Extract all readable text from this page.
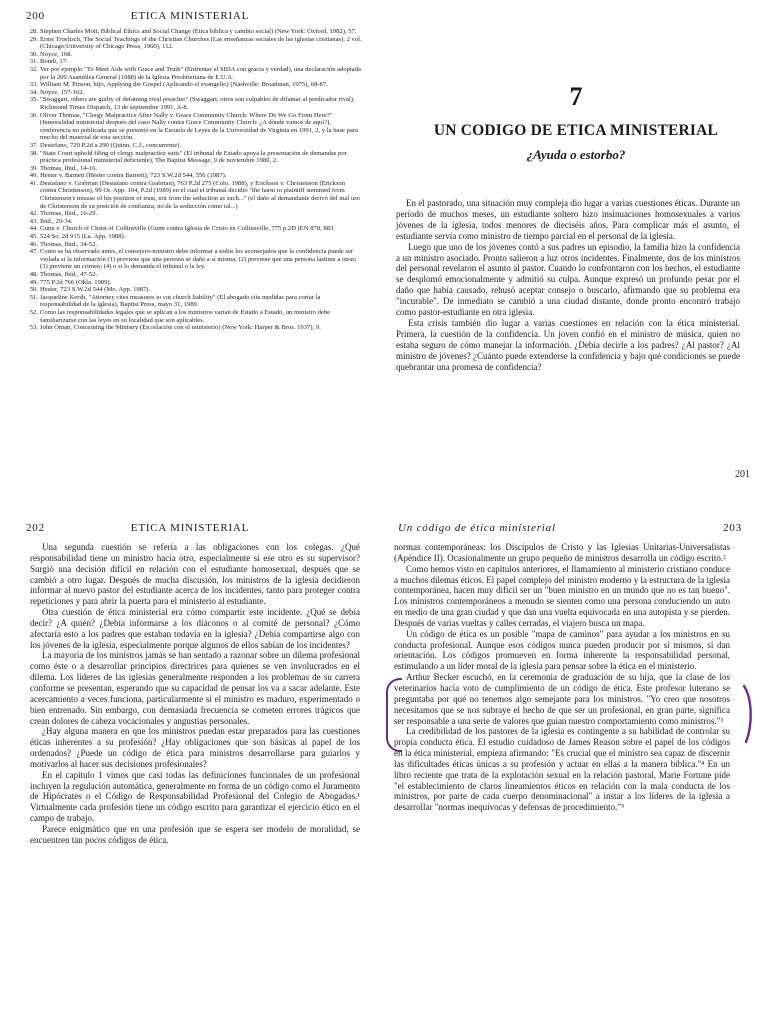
200	ETICA MINISTERIAL
28. Stephen Charles Mott, Biblical Ethics and Social Change (Ética bíblica y cambio social) (New York: Oxford, 1982), 57.
29. Ernst Troeltsch, The Social Teachings of the Christian Churches (Las enseñanzas sociales de las iglesias cristianas), 2 vol. (Chicago:University of Chicago Press, 1960), 112.
30. Noyce, 168.
31. Bondi, 17.
32. Ver por ejemplo "To Meet Aids with Grace and Truth" (Enfrentar el SIDA con gracia y verdad), una declaración adoptada por la 200 Asamblea General (1988) de la Iglesia Presbiteriana de E.U.A.
33. William M. Pinson, hijo, Applying the Gospel (Aplicando el evangelio) (Nashville: Broadman, 1975), 68-87.
34. Noyce, 157-162.
35. "Swaggart, others are guilty of defaming rival preacher" (Swaggart, otros son culpables de difamar al predicador rival), Richmond Times Dispatch, 13 de septiembre 1991, A-8.
36. Oliver Thomas, "Clergy Malpractice After Nally v. Grace Community Church: Where Do We Go From Here?" (Inmoralidad ministerial después del caso Nally contra Grace Community Church: ¿A dónde vamos de aquí?), conferencia no publicada que se presentó en la Escuela de Leyes de la Universidad de Virginia en 1991, 2, y la base para mucho del material de esta sección.
37. Destefano, 729 P.2d a 290 (Quinn, C.J., concurrente).
38. "State Court uphold filing of clergy malpractice suits" (El tribunal de Estado apoya la presentación de demandas por práctica profesional ministerial deficiente), The Baptist Message, 9 de noviembre 1980, 2.
39. Thomas, Ibid., 14-16.
40. Hester v. Barnett (Hester contra Barnett), 723 S.W.2d 544, 556 (1987).
41. Destafano v. Grabrian (Destafano contra Grabrian), 763 P.2d 275 (Colo. 1988), y Erickson v. Christenson (Erickson contra Christenson), 99 Or. App. 104, P.2d (1989) en el cual el tribunal decidió "the harm to plaintiff stemmed from Christenson's misuse of his position of trust, not from the seduction as such..." (el daño al demandante derivó del mal uso de Christenson de su posición de confianza, no de la seducción como tal...)
42. Thomas, Ibid., 16-29.
43. Ibid., 29-34.
44. Gunn v. Church of Christ of Collinsville (Gunn contra Iglesia de Cristo en Collinsville, 775 p.2D (EN 878, 883.
45. 524 So. 2d 915 (La. App. 1988).
46. Thomas, Ibid., 34-52.
47. Como se ha observado antes, el consejero-ministro debe informar a todos los aconsejados que la confidencia puede ser violada si la información (1) previene que una persona se dañe a sí misma; (2) previene que una persona lastime a otras; (3) previene un crimen; (4) o si lo demanda el tribunal o la ley.
48. Thomas, Ibid., 47-52.
49. 775 P.2d 766 (Okla. 1989).
50. Hester, 723 S.W.2d 544 (Mo. App. 1987).
51. Jacqueline Kersh, "Attorney cites measures to cut church liability" (El abogado cita medidas para cortar la responsabilidad de la iglesia), Baptist Press, mayo 31, 1989.
52. Como las responsabilidades legales que se aplican a los ministros varían de Estado a Estado, un ministro debe familiarizarse con las leyes en su localidad que son aplicables.
53. John Oman, Concerning the Ministry (En relación con el ministerio) (New York: Harper & Bros. 1937), 9.
7
UN CODIGO DE ETICA MINISTERIAL
¿Ayuda o estorbo?

En el pastorado, una situación muy compleja dio lugar a varias cuestiones éticas. Durante un período de muchos meses, un estudiante soltero hizo insinuaciones homosexuales a varios jóvenes de la iglesia, todos menores de dieciséis años. Para complicar más el asunto, el estudiante servía como ministro de tiempo parcial en el personal de la iglesia.

Luego que uno de los jóvenes contó a sus padres un episodio, la familia hizo la confidencia a un ministro asociado. Pronto salieron a luz otros incidentes. Finalmente, dos de los ministros del personal revelaron el asunto al pastor. Cuando lo confrontaron con los hechos, el estudiante se desplomó emocionalmente y admitió su culpa. Aunque expresó un profundo pesar por el daño que había causado, rehusó aceptar consejo o buscarlo, afirmando que su problema era "incurable". De inmediato se cambió a una ciudad distante, donde pronto encontró trabajo como pastor-estudiante en otra iglesia.

Esta crisis también dio lugar a varias cuestiones en relación con la ética ministerial. Primera, la cuestión de la confidencia. Un joven confió en el ministro de música, quien no estaba seguro de cómo manejar la información. ¿Debía decirle a los padres? ¿Al pastor? ¿Al ministro de jóvenes? ¿Cuánto puede extenderse la confidencia y bajo qué condiciones se puede quebrantar una promesa de confidencia?

201
202	ETICA MINISTERIAL

Una segunda cuestión se refería a las obligaciones con los colegas. ¿Qué responsabilidad tiene un ministro hacia otro, especialmente si ese otro es su supervisor? Surgió una decisión difícil en relación con el estudiante homosexual, después que se cambió a otro lugar. Después de mucha discusión, los ministros de la iglesia decidieron informar al nuevo pastor del estudiante acerca de los incidentes, tanto para proteger contra repeticiones y para abrir la puerta para el ministerio al estudiante.

Otra cuestión de ética ministerial era cómo compartir este incidente. ¿Qué se debía decir? ¿A quién? ¿Debía informarse a los diáconos o al comité de personal? ¿Cómo afectaría esto a los padres que estaban todavía en la iglesia? ¿Debía compartirse algo con los jóvenes de la iglesia, especialmente porque algunos de ellos sabían de los incidentes?

La mayoría de los ministros jamás se han sentado a razonar sobre un dilema profesional como éste o a desarrollar principios directrices para quienes se ven involucrados en el dilema. Los líderes de las iglesias generalmente responden a los problemas de su carrera conforme se presentan, esperando que su capacidad de pensar los va a sacar adelante. Este acercamiento a veces funciona, particularmente si el ministro es maduro, experimentado o bien entrenado. Sin embargo, con demasiada frecuencia se cometen errores trágicos que crean dolores de cabeza vocacionales y angustias personales.

¿Hay alguna manera en que los ministros puedan estar preparados para las cuestiones éticas inherentes a su profesión? ¿Hay obligaciones que son básicas al papel de los ordenados? ¿Puede un código de ética para ministros desarrollarse para guiarlos y motivarlos al hacer sus decisiones profesionales?

En el capítulo 1 vimos que casi todas las definiciones funcionales de un profesional incluyen la regulación automática, generalmente en forma de un código como el Juramento de Hipócrates o el Código de Responsabilidad Profesional del Colegio de Abogados.¹ Virtualmente cada profesión tiene un código escrito para garantizar el ejercicio ético en el campo de trabajo.

Parece enigmático que en una profesión que se espera ser modelo de moralidad, se encuentren tan pocos códigos de ética.

Un código de ética ministerial	203

normas contemporáneas: los Discípulos de Cristo y las Iglesias Unitarias-Universalistas (Apéndice II). Ocasionalmente un grupo pequeño de ministros desarrolla un código escrito.²

Como hemos visto en capítulos anteriores, el llamamiento al ministerio cristiano conduce a muchos dilemas éticos. El papel complejo del ministro moderno y la estructura de la iglesia contemporánea, hacen muy difícil ser un "buen ministro en un mundo que no es tan bueno". Los ministros contemporáneos a menudo se sienten como una persona conduciendo un auto en medio de una gran ciudad y que dan una vuelta equivocada en una autopista y se pierden. Después de varias vueltas y calles cerradas, el viajero busca un mapa.

Un código de ética es un posible "mapa de caminos" para ayudar a los ministros en su conducta profesional. Aunque esos códigos nunca pueden producir por sí mismos, sí dan orientación. Los códigos promueven en forma inherente la responsabilidad personal, estimulando a un líder moral de la iglesia para pensar sobre la ética en el ministerio.

Arthur Becker escuchó, en la ceremonia de graduación de su hija, que la clase de los veterinarios hacía voto de cumplimiento de un código de ética. Este profesor luterano se preguntaba por qué no tenemos algo semejante para los ministros. "Yo creo que nosotros necesitamos que se nos subraye el hecho de que ser un profesional, en gran parte, significa ser responsable a una serie de valores que guían nuestro comportamiento como ministros."³

La credibilidad de los pastores de la iglesia es contingente a su habilidad de controlar su propia conducta ética. El estudio cuidadoso de James Reason sobre el papel de los códigos en la ética ministerial, empieza afirmando: "Es crucial que el ministro sea capaz de discernir las dificultades éticas únicas a su profesión y actuar en ellas a la manera bíblica."⁴ En un libro reciente que trata de la explotación sexual en la relación pastoral, Marie Fortune pide "el establecimiento de claros lineamientos éticos en relación con la mala conducta de los ministros, por parte de cada cuerpo denominacional" a instar a los líderes de la iglesia a desarrollar "normas inequívocas y defensas de procedimiento."⁵
